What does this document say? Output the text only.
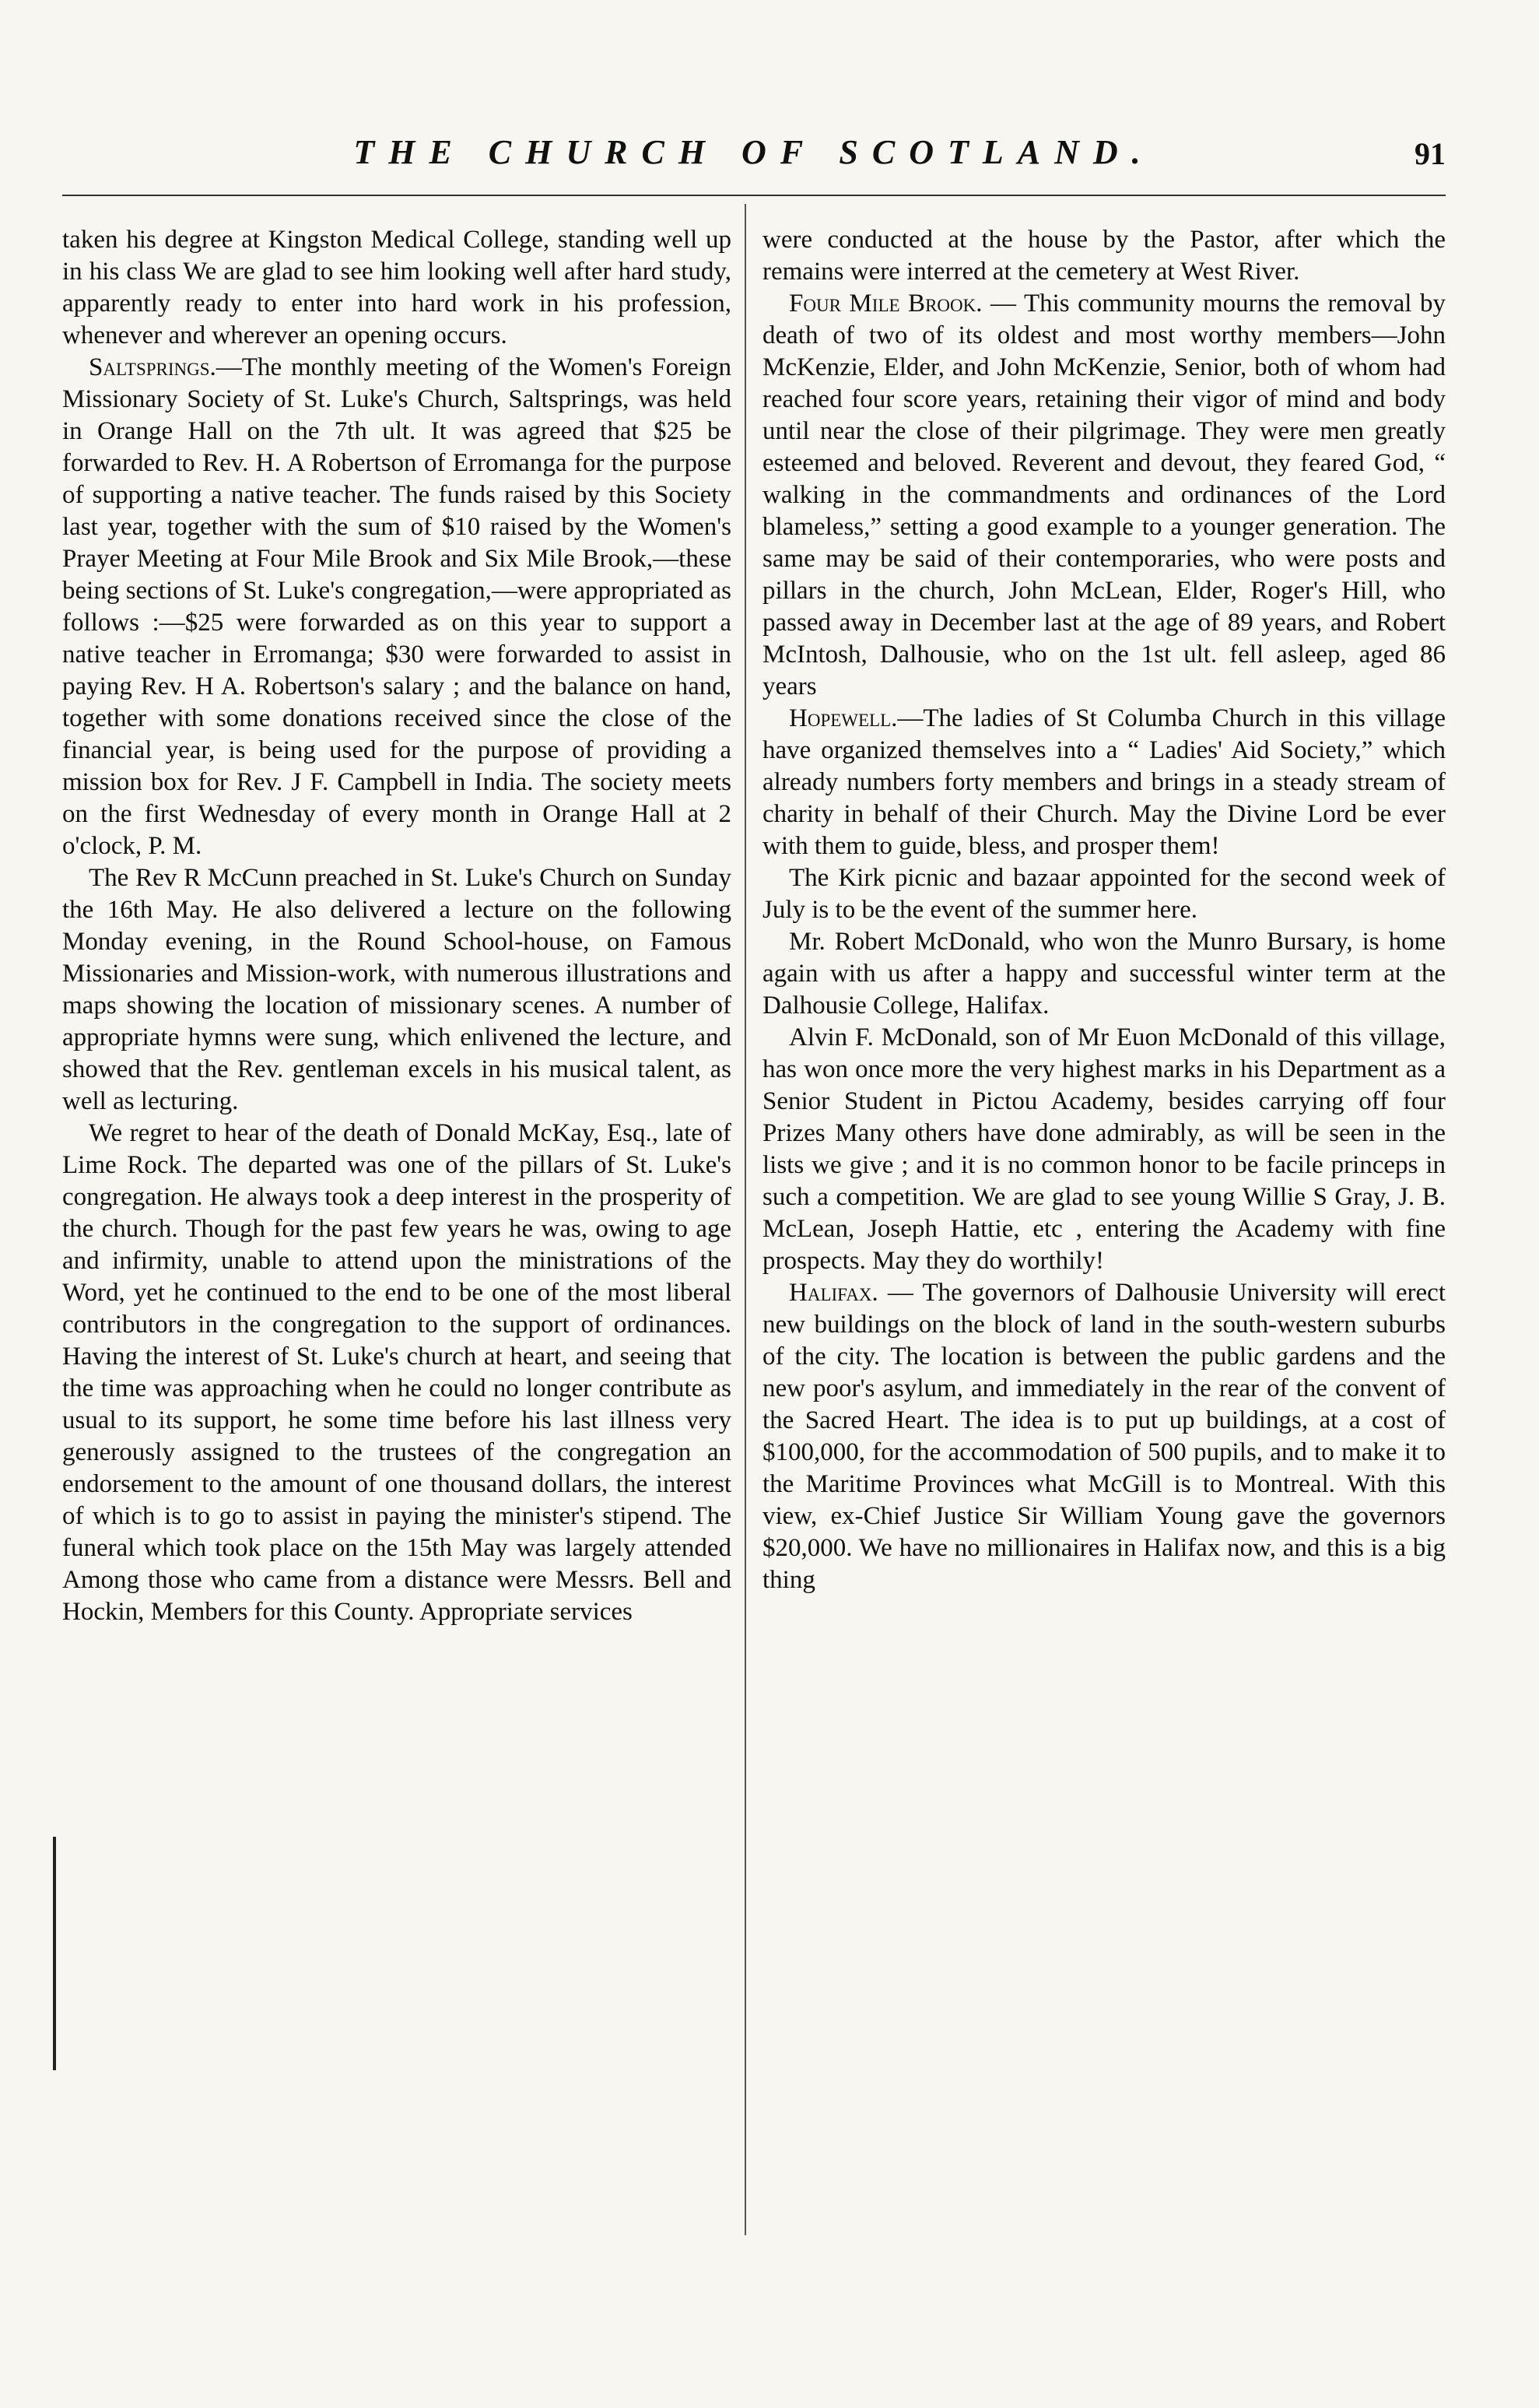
THE CHURCH OF SCOTLAND.	91

taken his degree at Kingston Medical College, standing well up in his class We are glad to see him looking well after hard study, apparently ready to enter into hard work in his profession, whenever and wherever an opening occurs.

Saltsprings.—The monthly meeting of the Women's Foreign Missionary Society of St. Luke's Church, Saltsprings, was held in Orange Hall on the 7th ult. It was agreed that $25 be forwarded to Rev. H. A Robertson of Erromanga for the purpose of supporting a native teacher. The funds raised by this Society last year, together with the sum of $10 raised by the Women's Prayer Meeting at Four Mile Brook and Six Mile Brook,—these being sections of St. Luke's congregation,—were appropriated as follows :—$25 were forwarded as on this year to support a native teacher in Erromanga; $30 were forwarded to assist in paying Rev. H A. Robertson's salary ; and the balance on hand, together with some donations received since the close of the financial year, is being used for the purpose of providing a mission box for Rev. J F. Campbell in India. The society meets on the first Wednesday of every month in Orange Hall at 2 o'clock, P. M.

The Rev R McCunn preached in St. Luke's Church on Sunday the 16th May. He also delivered a lecture on the following Monday evening, in the Round School-house, on Famous Missionaries and Mission-work, with numerous illustrations and maps showing the location of missionary scenes. A number of appropriate hymns were sung, which enlivened the lecture, and showed that the Rev. gentleman excels in his musical talent, as well as lecturing.

We regret to hear of the death of Donald McKay, Esq., late of Lime Rock. The departed was one of the pillars of St. Luke's congregation. He always took a deep interest in the prosperity of the church. Though for the past few years he was, owing to age and infirmity, unable to attend upon the ministrations of the Word, yet he continued to the end to be one of the most liberal contributors in the congregation to the support of ordinances. Having the interest of St. Luke's church at heart, and seeing that the time was approaching when he could no longer contribute as usual to its support, he some time before his last illness very generously assigned to the trustees of the congregation an endorsement to the amount of one thousand dollars, the interest of which is to go to assist in paying the minister's stipend. The funeral which took place on the 15th May was largely attended Among those who came from a distance were Messrs. Bell and Hockin, Members for this County. Appropriate services

were conducted at the house by the Pastor, after which the remains were interred at the cemetery at West River.

Four Mile Brook. — This community mourns the removal by death of two of its oldest and most worthy members—John McKenzie, Elder, and John McKenzie, Senior, both of whom had reached four score years, retaining their vigor of mind and body until near the close of their pilgrimage. They were men greatly esteemed and beloved. Reverent and devout, they feared God, “ walking in the commandments and ordinances of the Lord blameless,” setting a good example to a younger generation. The same may be said of their contemporaries, who were posts and pillars in the church, John McLean, Elder, Roger's Hill, who passed away in December last at the age of 89 years, and Robert McIntosh, Dalhousie, who on the 1st ult. fell asleep, aged 86 years

Hopewell.—The ladies of St Columba Church in this village have organized themselves into a “ Ladies' Aid Society,” which already numbers forty members and brings in a steady stream of charity in behalf of their Church. May the Divine Lord be ever with them to guide, bless, and prosper them!

The Kirk picnic and bazaar appointed for the second week of July is to be the event of the summer here.

Mr. Robert McDonald, who won the Munro Bursary, is home again with us after a happy and successful winter term at the Dalhousie College, Halifax.

Alvin F. McDonald, son of Mr Euon McDonald of this village, has won once more the very highest marks in his Department as a Senior Student in Pictou Academy, besides carrying off four Prizes Many others have done admirably, as will be seen in the lists we give ; and it is no common honor to be facile princeps in such a competition. We are glad to see young Willie S Gray, J. B. McLean, Joseph Hattie, etc , entering the Academy with fine prospects. May they do worthily!

Halifax. — The governors of Dalhousie University will erect new buildings on the block of land in the south-western suburbs of the city. The location is between the public gardens and the new poor's asylum, and immediately in the rear of the convent of the Sacred Heart. The idea is to put up buildings, at a cost of $100,000, for the accommodation of 500 pupils, and to make it to the Maritime Provinces what McGill is to Montreal. With this view, ex-Chief Justice Sir William Young gave the governors $20,000. We have no millionaires in Halifax now, and this is a big thing
